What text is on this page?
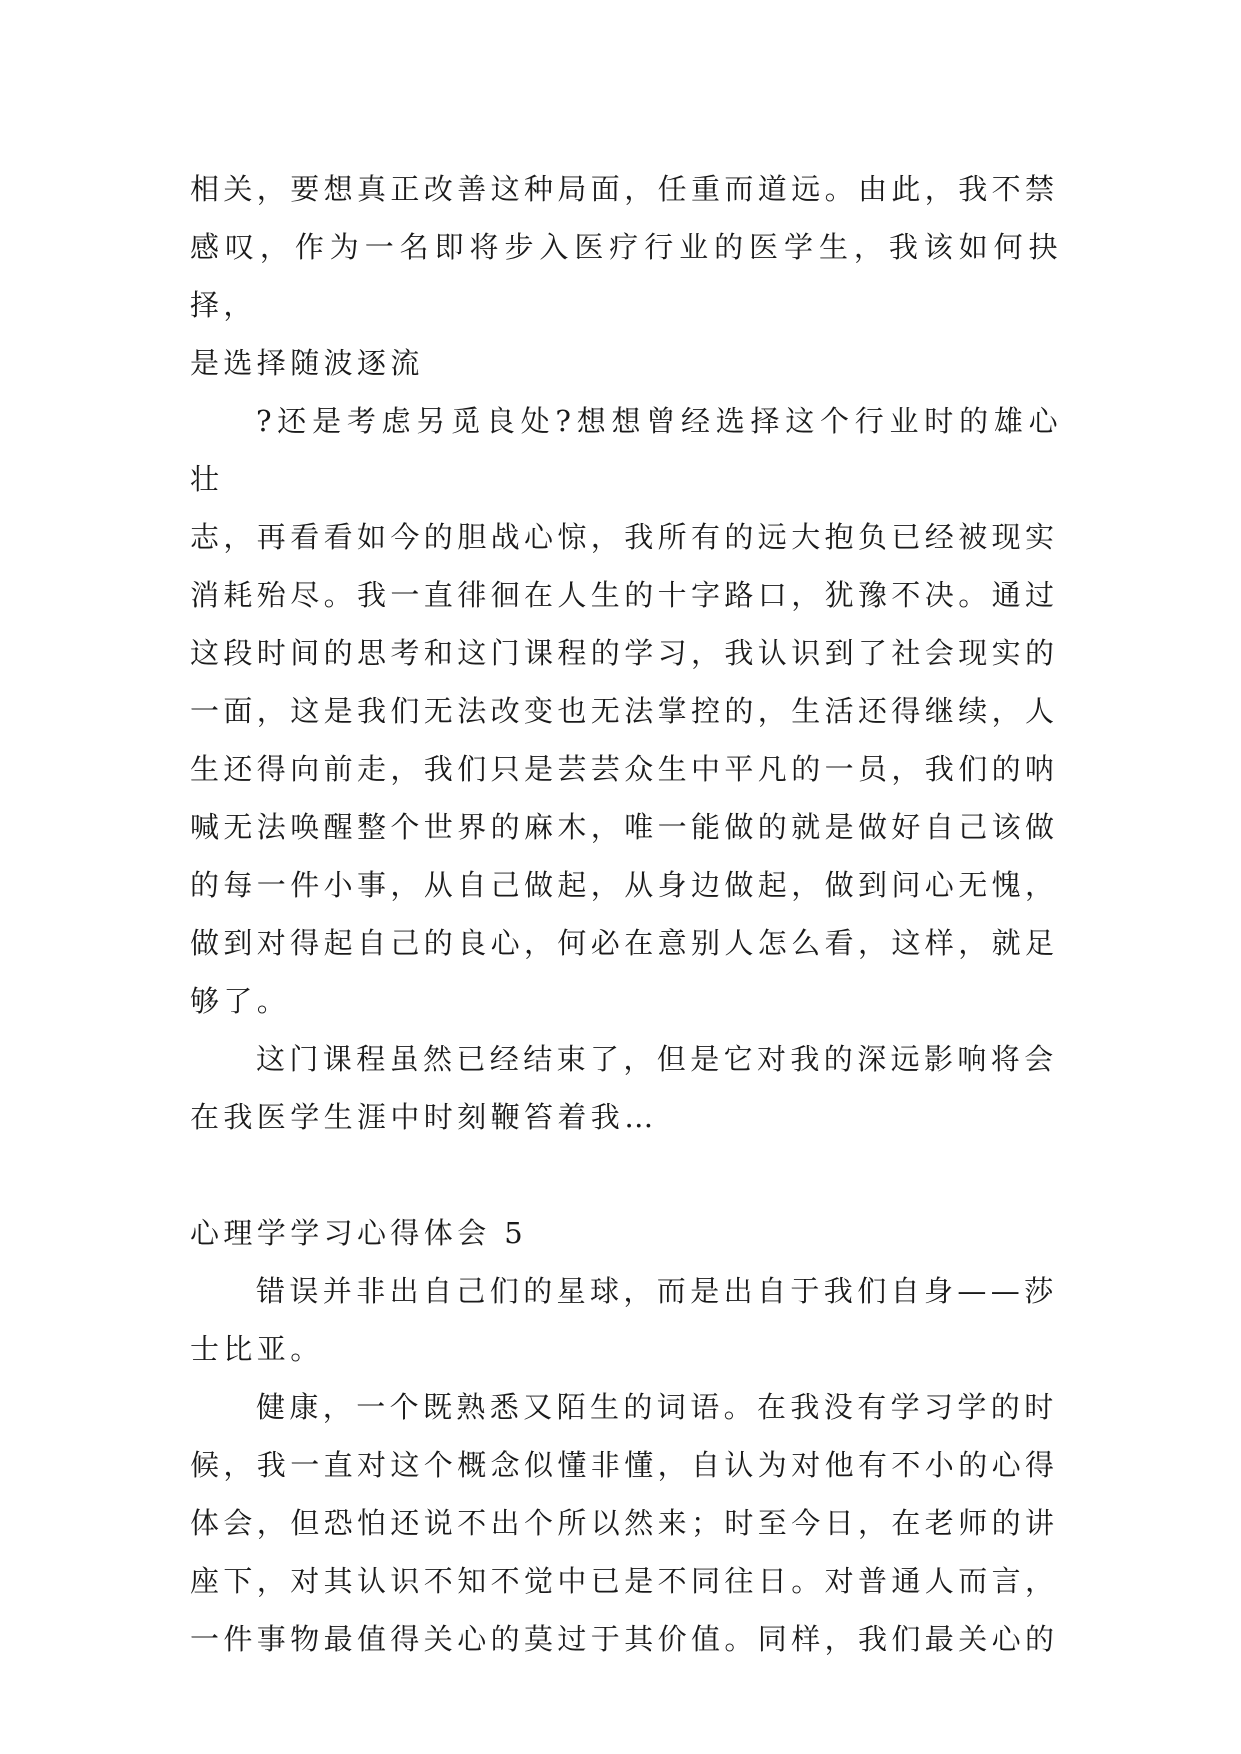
相关，要想真正改善这种局面，任重而道远。由此，我不禁
感叹，作为一名即将步入医疗行业的医学生，我该如何抉择，
是选择随波逐流

?还是考虑另觅良处?想想曾经选择这个行业时的雄心壮
志，再看看如今的胆战心惊，我所有的远大抱负已经被现实
消耗殆尽。我一直徘徊在人生的十字路口，犹豫不决。通过
这段时间的思考和这门课程的学习，我认识到了社会现实的
一面，这是我们无法改变也无法掌控的，生活还得继续，人
生还得向前走，我们只是芸芸众生中平凡的一员，我们的呐
喊无法唤醒整个世界的麻木，唯一能做的就是做好自己该做
的每一件小事，从自己做起，从身边做起，做到问心无愧，
做到对得起自己的良心，何必在意别人怎么看，这样，就足
够了。

这门课程虽然已经结束了，但是它对我的深远影响将会
在我医学生涯中时刻鞭笞着我…

心理学学习心得体会 5

错误并非出自己们的星球，而是出自于我们自身——莎
士比亚。

健康，一个既熟悉又陌生的词语。在我没有学习学的时
候，我一直对这个概念似懂非懂，自认为对他有不小的心得
体会，但恐怕还说不出个所以然来；时至今日，在老师的讲
座下，对其认识不知不觉中已是不同往日。对普通人而言，
一件事物最值得关心的莫过于其价值。同样，我们最关心的
